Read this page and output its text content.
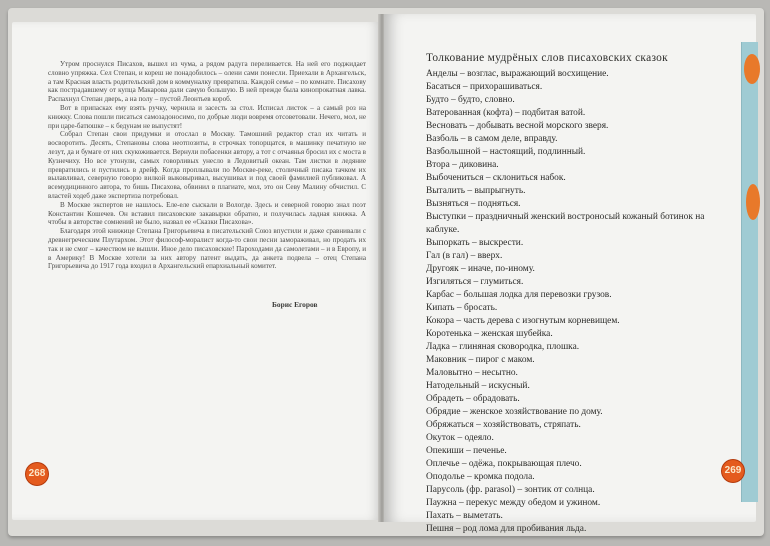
Утром проснулся Писахов, вышел из чума, а рядом радуга переливается. На ней его поджидает словно упряжка. Сел Степан, и кореш не понадобилось – олени сами понесли. Приехали в Архангельск, а там Красная власть родительский дом в коммуналку превратила. Каждой семье – по комнате. Писахову как пострадавшему от купца Макарова дали самую большую. В ней прежде была кинопрокатная лавка. Распахнул Степан дверь, а на полу – пустой Леонтьев короб.

Вот в припасках ему взять ручку, чернила и засесть за стол. Исписал листок – а самый роз на книжку. Слова пошли писаться самозадоносимо, по добрые люди вовремя отсоветовали. Нечего, мол, не при царе-батюшке – к бедунам не выпустят!

Собрал Степан свои придумки и отослал в Москву. Тамошний редактор стал их читать и восворотить. Десять, Степановы слова неотпозиты, в строчках топорщатся, в машинку печатную не лезут, да и бумаге от них скукоживается. Вернули побасенки автору, а тот с отчаянья бросил их с моста в Кузнечиху. Но все утонули, самых говорливых унесло в Ледовитый океан. Там листки в ледяние превратились и пустились в дрейф. Когда проплывали по Москве-реке, столичный писака тачком их вылавливал, северную говорю вилкой выковыривал, высушивал и под своей фамилией публиковал. А всемудицинного автора, то бишь Писахова, обвинил в плагиате, мол, это он Севу Малину обчистил. С властей ходеб даже экспертиза потребовал.

В Москве экспертов не нашлось. Еле-еле сыскали в Вологде. Здесь и северной говорю знал поэт Константин Кошечев. Он вставил писаховские закавырки обратно, и получилась ладная книжка. А чтобы в авторстве сомнений не было, назвал ее «Сказки Писахова».

Благодаря этой книжице Степана Григорьевича в писательский Союз впустили и даже сравнивали с древнегреческим Плутархом. Этот философ-моралист когда-то свои песни замораживал, но продать их так и не смог – качеством не вышли. Иное дело писаховские! Пароходами да самолетами – и в Европу, и в Америку! В Москве хотели за них автору патент выдать, да анкета подвела – отец Степана Григорьевича до 1917 года входил в Архангельский епархиальный комитет.

Борис Егоров
268
Толкование мудрёных слов писаховских сказок
Анделы – возглас, выражающий восхищение.
Басаться – прихорашиваться.
Будто – будто, словно.
Ватерованная (кофта) – подбитая ватой.
Весновать – добывать весной морского зверя.
Вазболь – в самом деле, вправду.
Вазбольшной – настоящий, подлинный.
Втора – диковина.
Выбочениться – склониться набок.
Выталить – выпрыгнуть.
Вызняться – подняться.
Выступки – праздничный женский востроносый кожаный ботинок на каблуке.
Выпоркать – выскрести.
Гал (в гал) – вверх.
Другояк – иначе, по-иному.
Изгиляться – глумиться.
Карбас – большая лодка для перевозки грузов.
Кипать – бросать.
Кокора – часть дерева с изогнутым корневищем.
Коротенька – женская шубейка.
Ладка – глиняная сковородка, плошка.
Маковник – пирог с маком.
Маловытно – несытно.
Натодельный – искусный.
Обрадеть – обрадовать.
Обрядие – женское хозяйствование по дому.
Обряжаться – хозяйствовать, стряпать.
Окуток – одеяло.
Опекиши – печенье.
Оплечье – одёжа, покрывающая плечо.
Оподолье – кромка подола.
Парусоль (фр. parasol) – зонтик от солнца.
Паужна – перекус между обедом и ужином.
Пахать – выметать.
Пешня – род лома для пробивания льда.
269
